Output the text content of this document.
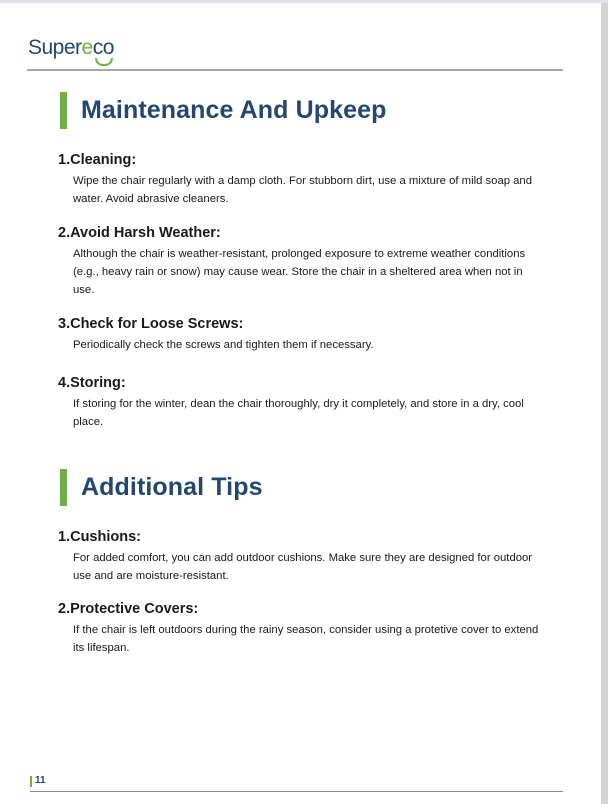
Supereco
Maintenance And Upkeep
1.Cleaning:

Wipe the chair regularly with a damp cloth. For stubborn dirt, use a mixture of mild soap and water. Avoid abrasive cleaners.

2.Avoid Harsh Weather:

Although the chair is weather-resistant, prolonged exposure to extreme weather conditions (e.g., heavy rain or snow) may cause wear. Store the chair in a sheltered area when not in use.

3.Check for Loose Screws:

Periodically check the screws and tighten them if necessary.

4.Storing:

If storing for the winter, dean the chair thoroughly, dry it completely, and store in a dry, cool place.

Additional Tips
1.Cushions:

For added comfort, you can add outdoor cushions. Make sure they are designed for outdoor use and are moisture-resistant.

2.Protective Covers:

If the chair is left outdoors during the rainy season, consider using a protetive cover to extend its lifespan.

11
